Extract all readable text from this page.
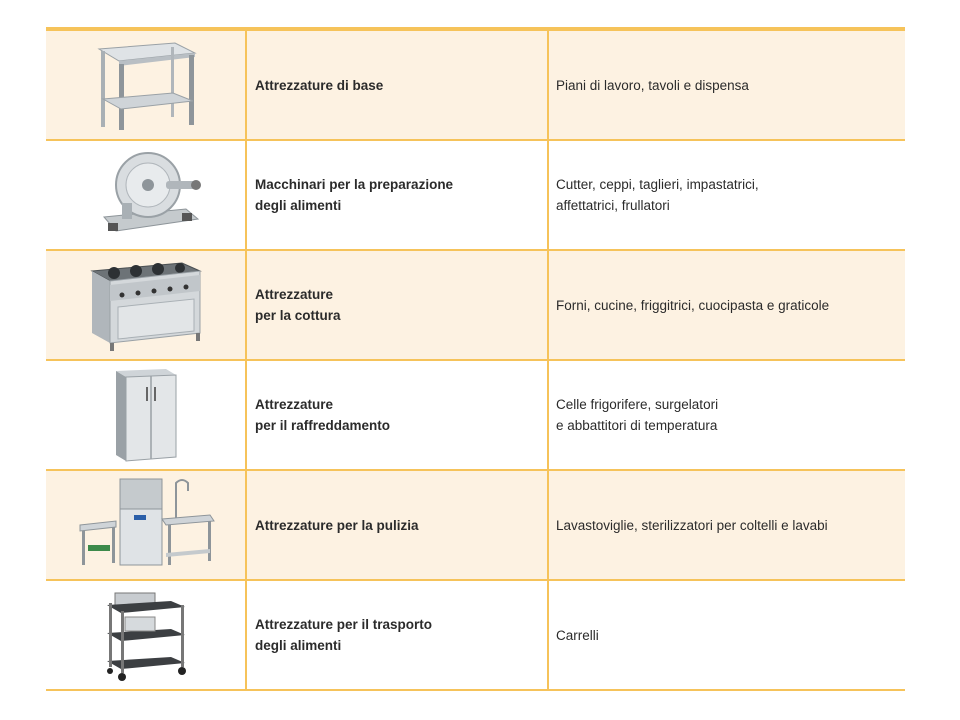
	Attrezzature di base	Piani di lavoro, tavoli e dispensa

	Macchinari per la preparazione
degli alimenti	Cutter, ceppi, taglieri, impastatrici,
affettatrici, frullatori

	Attrezzature
per la cottura	Forni, cucine, friggitrici, cuocipasta e graticole

	Attrezzature
per il raffreddamento	Celle frigorifere, surgelatori
e abbattitori di temperatura

	Attrezzature per la pulizia	Lavastoviglie, sterilizzatori per coltelli e lavabi

	Attrezzature per il trasporto
degli alimenti	Carrelli
